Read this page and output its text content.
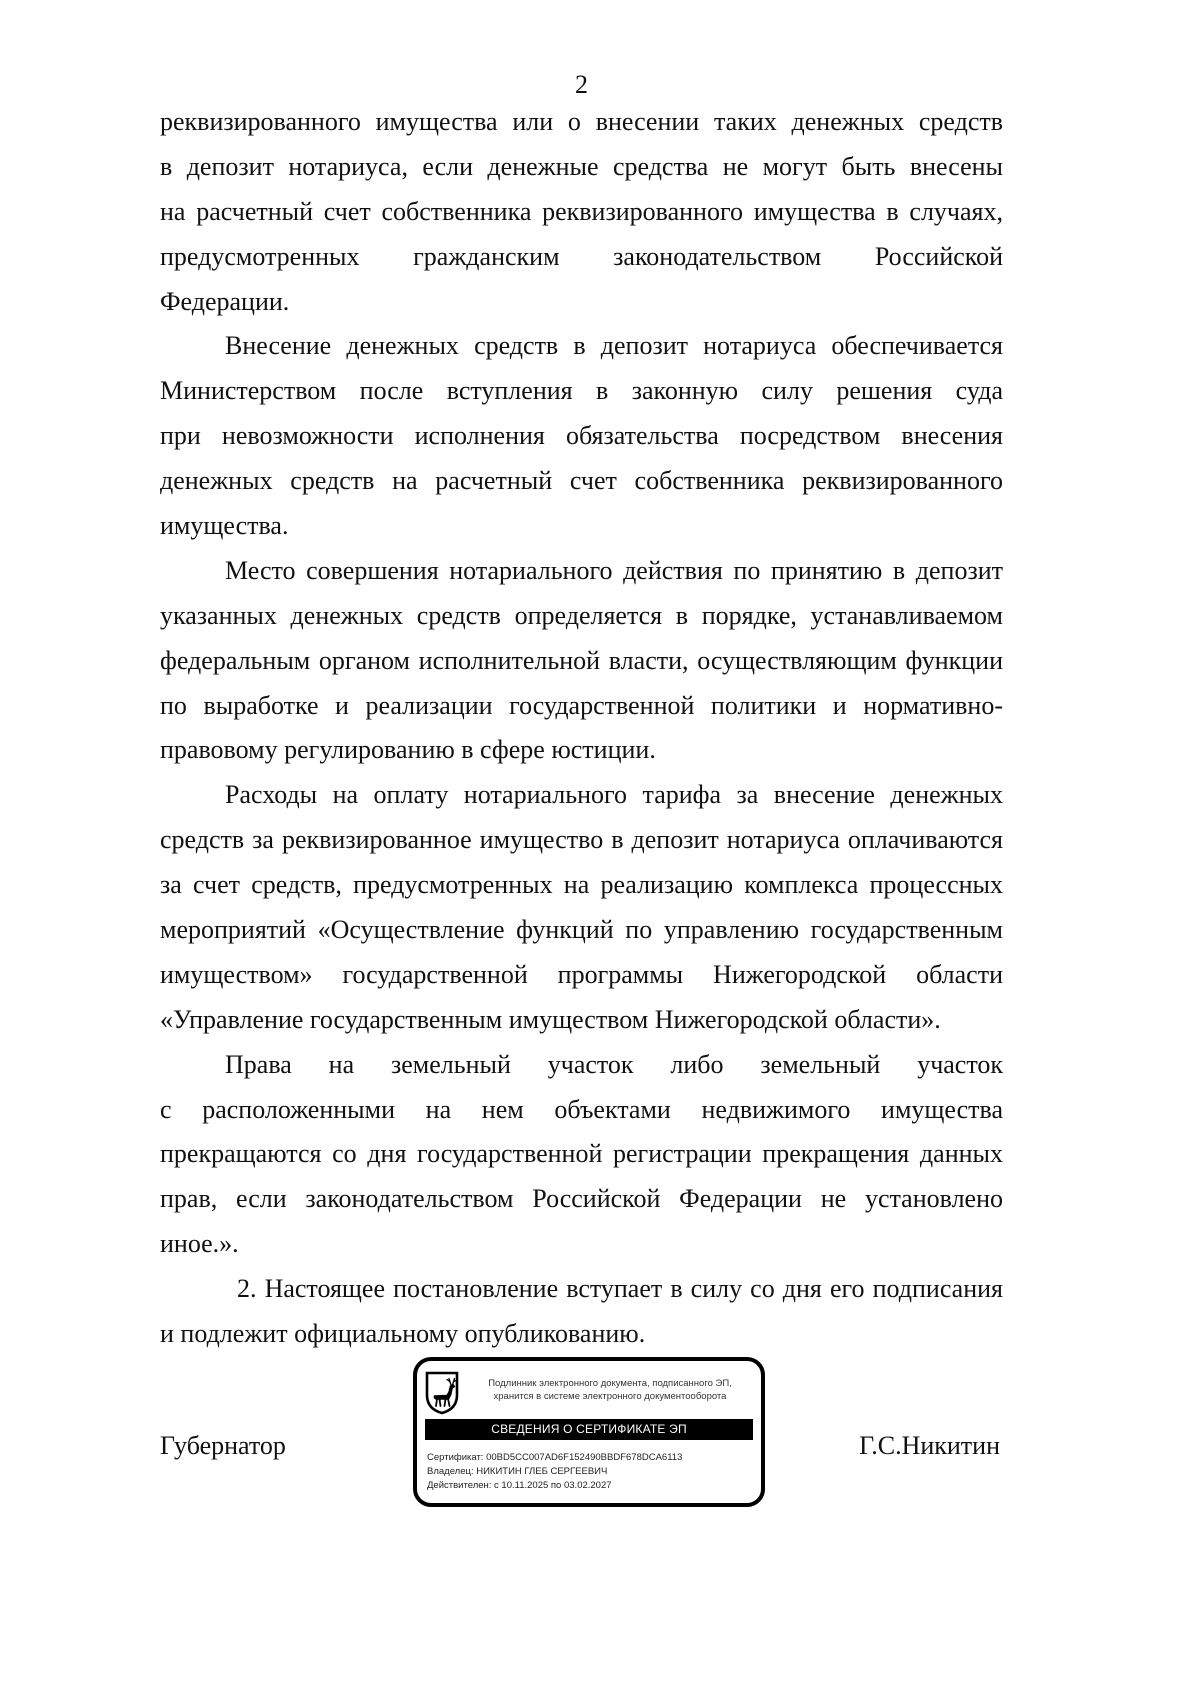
2
реквизированного имущества или о внесении таких денежных средств
в депозит нотариуса, если денежные средства не могут быть внесены
на расчетный счет собственника реквизированного имущества в случаях,
предусмотренных гражданским законодательством Российской
Федерации.
Внесение денежных средств в депозит нотариуса обеспечивается
Министерством после вступления в законную силу решения суда
при невозможности исполнения обязательства посредством внесения
денежных средств на расчетный счет собственника реквизированного
имущества.
Место совершения нотариального действия по принятию в депозит
указанных денежных средств определяется в порядке, устанавливаемом
федеральным органом исполнительной власти, осуществляющим функции
по выработке и реализации государственной политики и нормативно-
правовому регулированию в сфере юстиции.
Расходы на оплату нотариального тарифа за внесение денежных
средств за реквизированное имущество в депозит нотариуса оплачиваются
за счет средств, предусмотренных на реализацию комплекса процессных
мероприятий «Осуществление функций по управлению государственным
имуществом» государственной программы Нижегородской области
«Управление государственным имуществом Нижегородской области».
Права на земельный участок либо земельный участок
с расположенными на нем объектами недвижимого имущества
прекращаются со дня государственной регистрации прекращения данных
прав, если законодательством Российской Федерации не установлено
иное.».
2. Настоящее постановление вступает в силу со дня его подписания
и подлежит официальному опубликованию.
Губернатор
Подлинник электронного документа, подписанного ЭП,
хранится в системе электронного документооборота
СВЕДЕНИЯ О СЕРТИФИКАТЕ ЭП
Сертификат: 00BD5CC007AD6F152490BBDF678DCA6113
Владелец: НИКИТИН ГЛЕБ СЕРГЕЕВИЧ
Действителен: с 10.11.2025 по 03.02.2027
Г.С.Никитин
